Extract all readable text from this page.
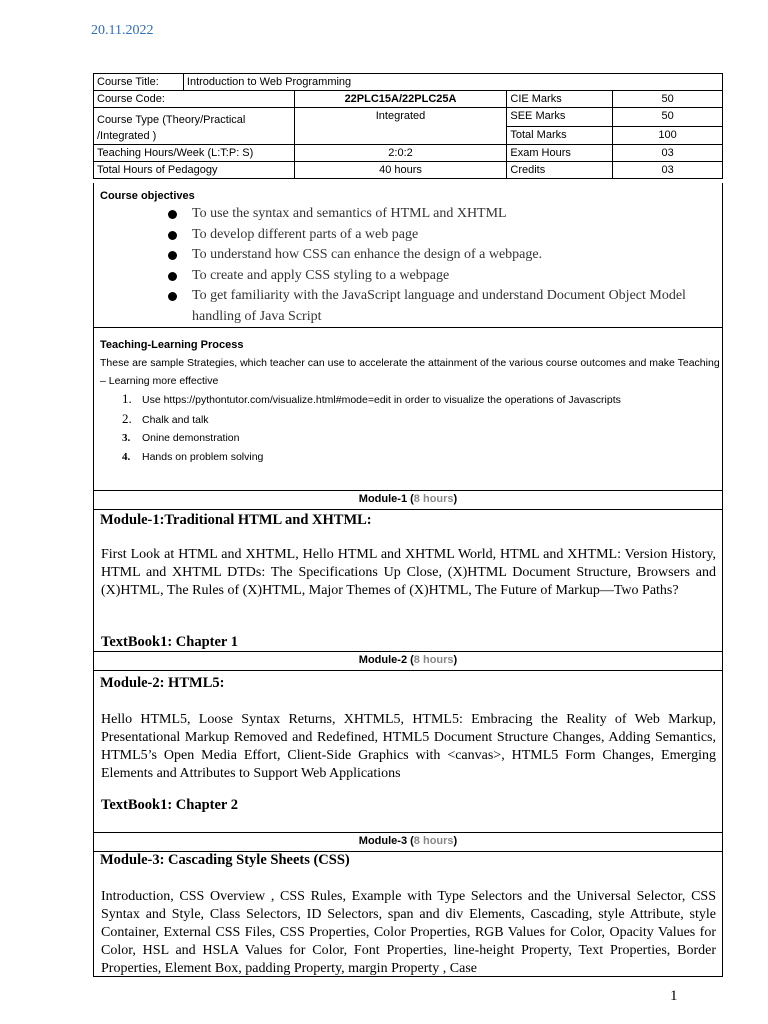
20.11.2022
Course Title:	Introduction to Web Programming			
Course Code:		22PLC15A/22PLC25A	CIE Marks	50
Course Type (Theory/Practical /Integrated )		Integrated	SEE Marks	50
			Total Marks	100
Teaching Hours/Week (L:T:P: S)		2:0:2	Exam Hours	03
Total Hours of Pedagogy		40 hours	Credits	03
Course objectives
To use the syntax and semantics of HTML and XHTML
To develop different parts of a web page
To understand how CSS can enhance the design of a webpage.
To create and apply CSS styling to a webpage
To get familiarity with the JavaScript language and understand Document Object Model handling of Java Script
Teaching-Learning Process
These are sample Strategies, which teacher can use to accelerate the attainment of the various course outcomes and make Teaching – Learning more effective
1. Use https://pythontutor.com/visualize.html#mode=edit in order to visualize the operations of Javascripts
2. Chalk and talk
3. Onine demonstration
4. Hands on problem solving
Module-1 (8 hours)
Module-1:Traditional HTML and XHTML:
First Look at HTML and XHTML, Hello HTML and XHTML World, HTML and XHTML: Version History, HTML and XHTML DTDs: The Specifications Up Close, (X)HTML Document Structure, Browsers and (X)HTML, The Rules of (X)HTML, Major Themes of (X)HTML, The Future of Markup—Two Paths?
TextBook1: Chapter 1
Module-2 (8 hours)
Module-2: HTML5:
Hello HTML5, Loose Syntax Returns, XHTML5, HTML5: Embracing the Reality of Web Markup, Presentational Markup Removed and Redefined, HTML5 Document Structure Changes, Adding Semantics, HTML5’s Open Media Effort, Client-Side Graphics with <canvas>, HTML5 Form Changes, Emerging Elements and Attributes to Support Web Applications
TextBook1: Chapter 2
Module-3 (8 hours)
Module-3: Cascading Style Sheets (CSS)
Introduction, CSS Overview , CSS Rules, Example with Type Selectors and the Universal Selector, CSS Syntax and Style, Class Selectors, ID Selectors, span and div Elements, Cascading, style Attribute, style Container, External CSS Files, CSS Properties, Color Properties, RGB Values for Color, Opacity Values for Color, HSL and HSLA Values for Color, Font Properties, line-height Property, Text Properties, Border Properties, Element Box, padding Property, margin Property , Case
1
